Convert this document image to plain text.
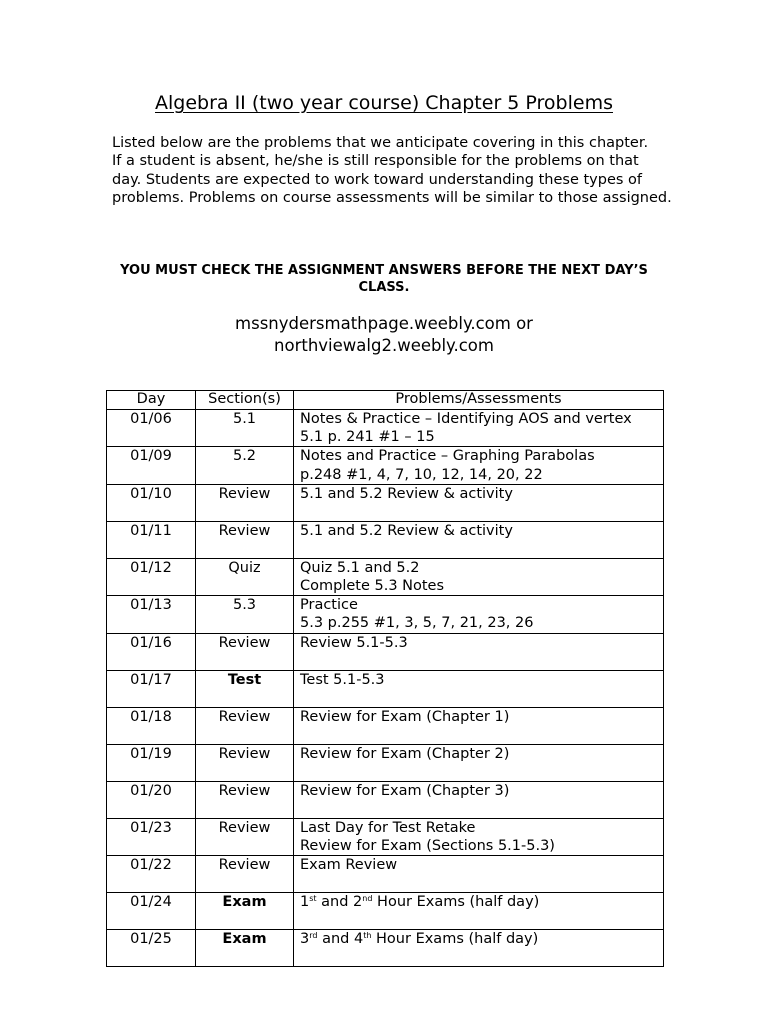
Algebra II (two year course) Chapter 5 Problems

Listed below are the problems that we anticipate covering in this chapter.

If a student is absent, he/she is still responsible for the problems on that day. Students are expected to work toward understanding these types of problems. Problems on course assessments will be similar to those assigned.

YOU MUST CHECK THE ASSIGNMENT ANSWERS BEFORE THE NEXT DAY’S CLASS.
mssnydersmathpage.weebly.com or
northviewalg2.weebly.com
Day	Section(s)	Problems/Assessments
01/06	5.1	Notes & Practice – Identifying AOS and vertex
5.1 p. 241 #1 – 15

01/09	5.2	Notes and Practice – Graphing Parabolas
p.248 #1, 4, 7, 10, 12, 14, 20, 22

01/10	Review	5.1 and 5.2 Review & activity

01/11	Review	5.1 and 5.2 Review & activity

01/12	Quiz	Quiz 5.1 and 5.2
Complete 5.3 Notes

01/13	5.3	Practice
5.3 p.255 #1, 3, 5, 7, 21, 23, 26

01/16	Review	Review 5.1-5.3

01/17	Test	Test 5.1-5.3

01/18	Review	Review for Exam (Chapter 1)

01/19	Review	Review for Exam (Chapter 2)

01/20	Review	Review for Exam (Chapter 3)

01/23	Review	Last Day for Test Retake
Review for Exam (Sections 5.1-5.3)

01/22	Review	Exam Review

01/24	Exam	1st and 2nd Hour Exams (half day)

01/25	Exam	3rd and 4th Hour Exams (half day)
